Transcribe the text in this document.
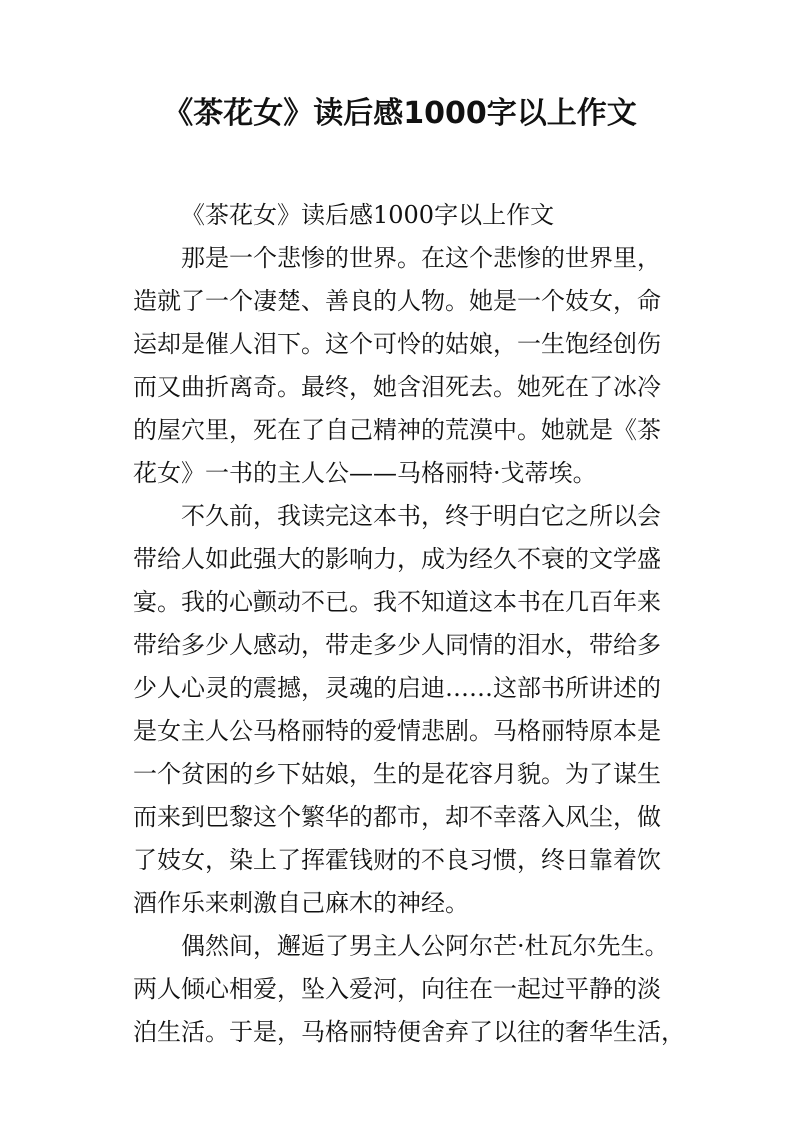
《茶花女》读后感1000字以上作文
《茶花女》读后感1000字以上作文
那是一个悲惨的世界。在这个悲惨的世界里，
造就了一个凄楚、善良的人物。她是一个妓女，命
运却是催人泪下。这个可怜的姑娘，一生饱经创伤
而又曲折离奇。最终，她含泪死去。她死在了冰冷
的屋穴里，死在了自己精神的荒漠中。她就是《茶
花女》一书的主人公——马格丽特·戈蒂埃。
不久前，我读完这本书，终于明白它之所以会
带给人如此强大的影响力，成为经久不衰的文学盛
宴。我的心颤动不已。我不知道这本书在几百年来
带给多少人感动，带走多少人同情的泪水，带给多
少人心灵的震撼，灵魂的启迪……这部书所讲述的
是女主人公马格丽特的爱情悲剧。马格丽特原本是
一个贫困的乡下姑娘，生的是花容月貌。为了谋生
而来到巴黎这个繁华的都市，却不幸落入风尘，做
了妓女，染上了挥霍钱财的不良习惯，终日靠着饮
酒作乐来刺激自己麻木的神经。
偶然间，邂逅了男主人公阿尔芒·杜瓦尔先生。
两人倾心相爱，坠入爱河，向往在一起过平静的淡
泊生活。于是，马格丽特便舍弃了以往的奢华生活，
